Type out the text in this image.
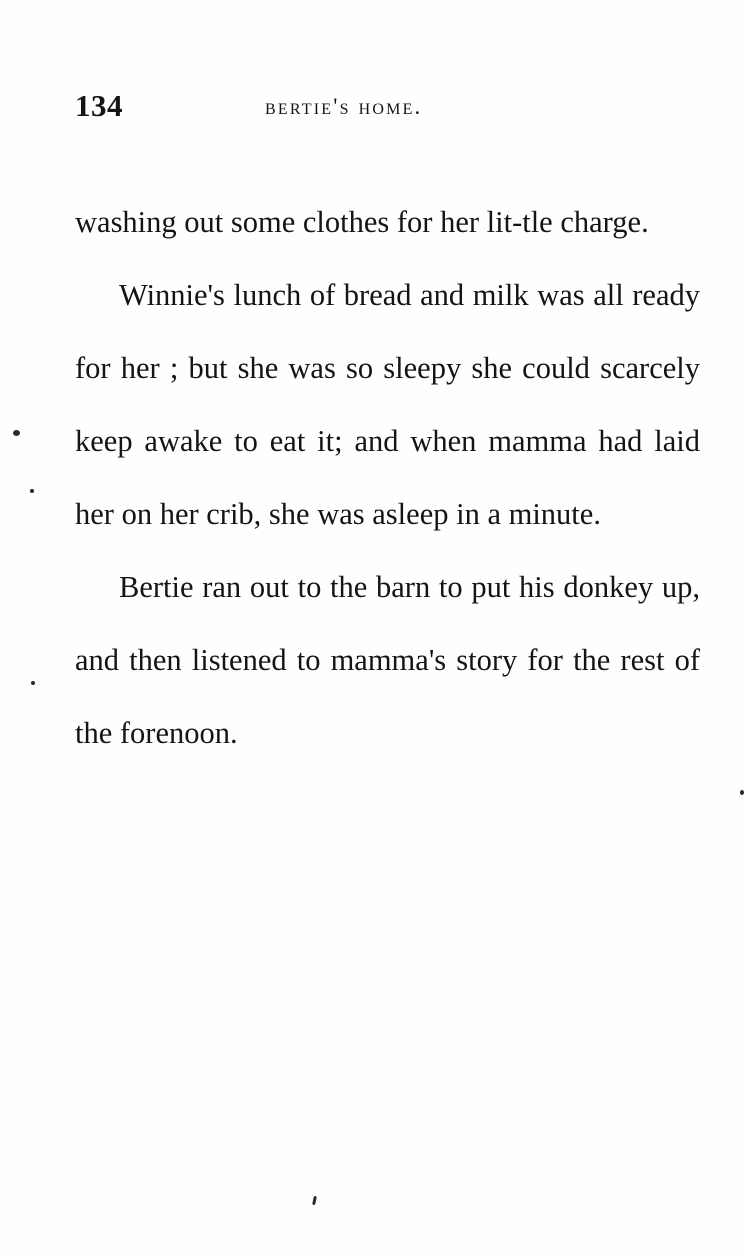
134	bertie's home.

washing out some clothes for her lit-tle charge.

Winnie's lunch of bread and milk was all ready for her ; but she was so sleepy she could scarcely keep awake to eat it; and when mamma had laid her on her crib, she was asleep in a minute.

Bertie ran out to the barn to put his donkey up, and then listened to mamma's story for the rest of the forenoon.
